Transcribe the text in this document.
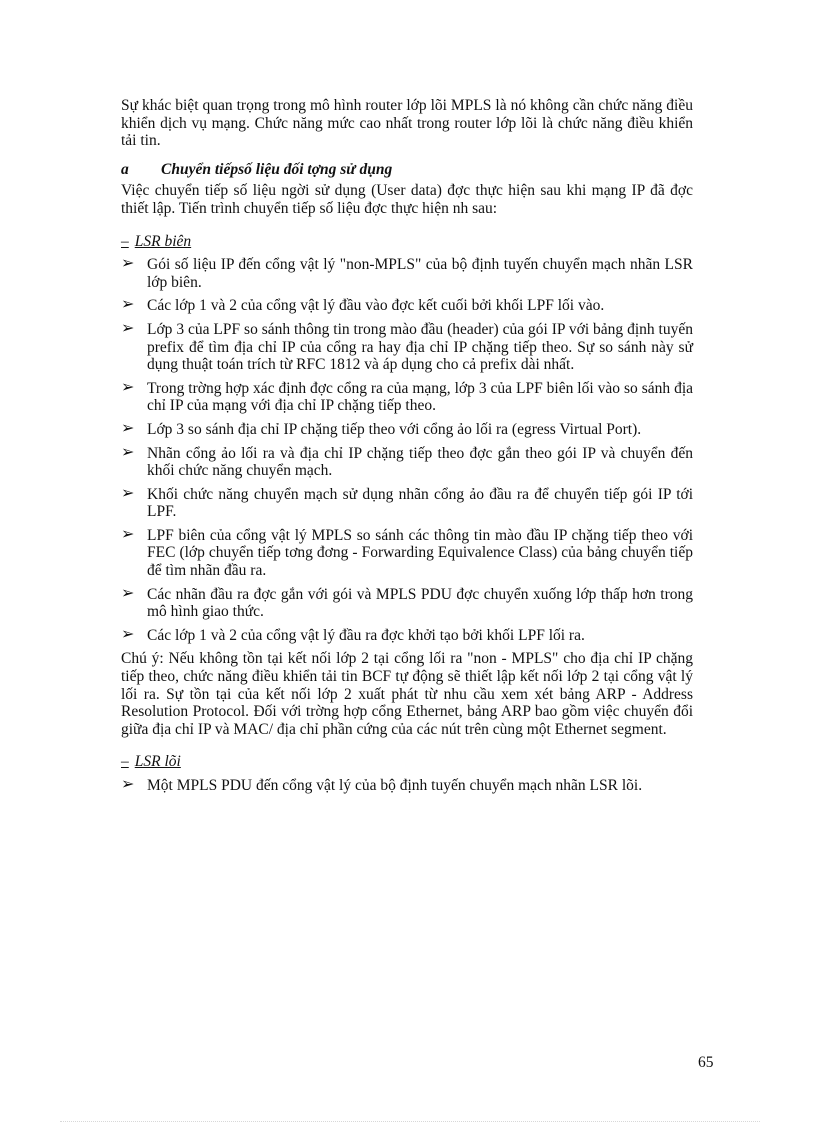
Sự khác biệt quan trọng trong mô hình router lớp lõi MPLS là nó không cần chức năng điều khiển dịch vụ mạng. Chức năng mức cao nhất trong router lớp lõi là chức năng điều khiển tải tin.

a	Chuyển tiếpsố liệu đối tợng sử dụng

Việc chuyển tiếp số liệu ngời sử dụng (User data) đợc thực hiện sau khi mạng IP đã đợc thiết lập. Tiến trình chuyển tiếp số liệu đợc thực hiện nh sau:

– LSR biên
➢ Gói số liệu IP đến cổng vật lý "non-MPLS" của bộ định tuyến chuyển mạch nhãn LSR lớp biên.
➢ Các lớp 1 và 2 của cổng vật lý đầu vào đợc kết cuối bởi khối LPF lối vào.
➢ Lớp 3 của LPF so sánh thông tin trong mào đầu (header) của gói IP với bảng định tuyến prefix để tìm địa chỉ IP của cổng ra hay địa chỉ IP chặng tiếp theo. Sự so sánh này sử dụng thuật toán trích từ RFC 1812 và áp dụng cho cả prefix dài nhất.
➢ Trong trờng hợp xác định đợc cổng ra của mạng, lớp 3 của LPF biên lối vào so sánh địa chỉ IP của mạng với địa chỉ IP chặng tiếp theo.
➢ Lớp 3 so sánh địa chỉ IP chặng tiếp theo với cổng ảo lối ra (egress Virtual Port).
➢ Nhãn cổng ảo lối ra và địa chỉ IP chặng tiếp theo đợc gắn theo gói IP và chuyển đến khối chức năng chuyển mạch.
➢ Khối chức năng chuyển mạch sử dụng nhãn cổng ảo đầu ra để chuyển tiếp gói IP tới LPF.
➢ LPF biên của cổng vật lý MPLS so sánh các thông tin mào đầu IP chặng tiếp theo với FEC (lớp chuyển tiếp tơng đơng - Forwarding Equivalence Class) của bảng chuyển tiếp để tìm nhãn đầu ra.
➢ Các nhãn đầu ra đợc gắn với gói và MPLS PDU đợc chuyển xuống lớp thấp hơn trong mô hình giao thức.
➢ Các lớp 1 và 2 của cổng vật lý đầu ra đợc khởi tạo bởi khối LPF lối ra.

Chú ý: Nếu không tồn tại kết nối lớp 2 tại cổng lối ra "non - MPLS" cho địa chỉ IP chặng tiếp theo, chức năng điều khiển tải tin BCF tự động sẽ thiết lập kết nối lớp 2 tại cổng vật lý lối ra. Sự tồn tại của kết nối lớp 2 xuất phát từ nhu cầu xem xét bảng ARP - Address Resolution Protocol. Đối với trờng hợp cổng Ethernet, bảng ARP bao gồm việc chuyển đổi giữa địa chỉ IP và MAC/ địa chỉ phần cứng của các nút trên cùng một Ethernet segment.

– LSR lõi
➢ Một MPLS PDU đến cổng vật lý của bộ định tuyến chuyển mạch nhãn LSR lõi.
65
